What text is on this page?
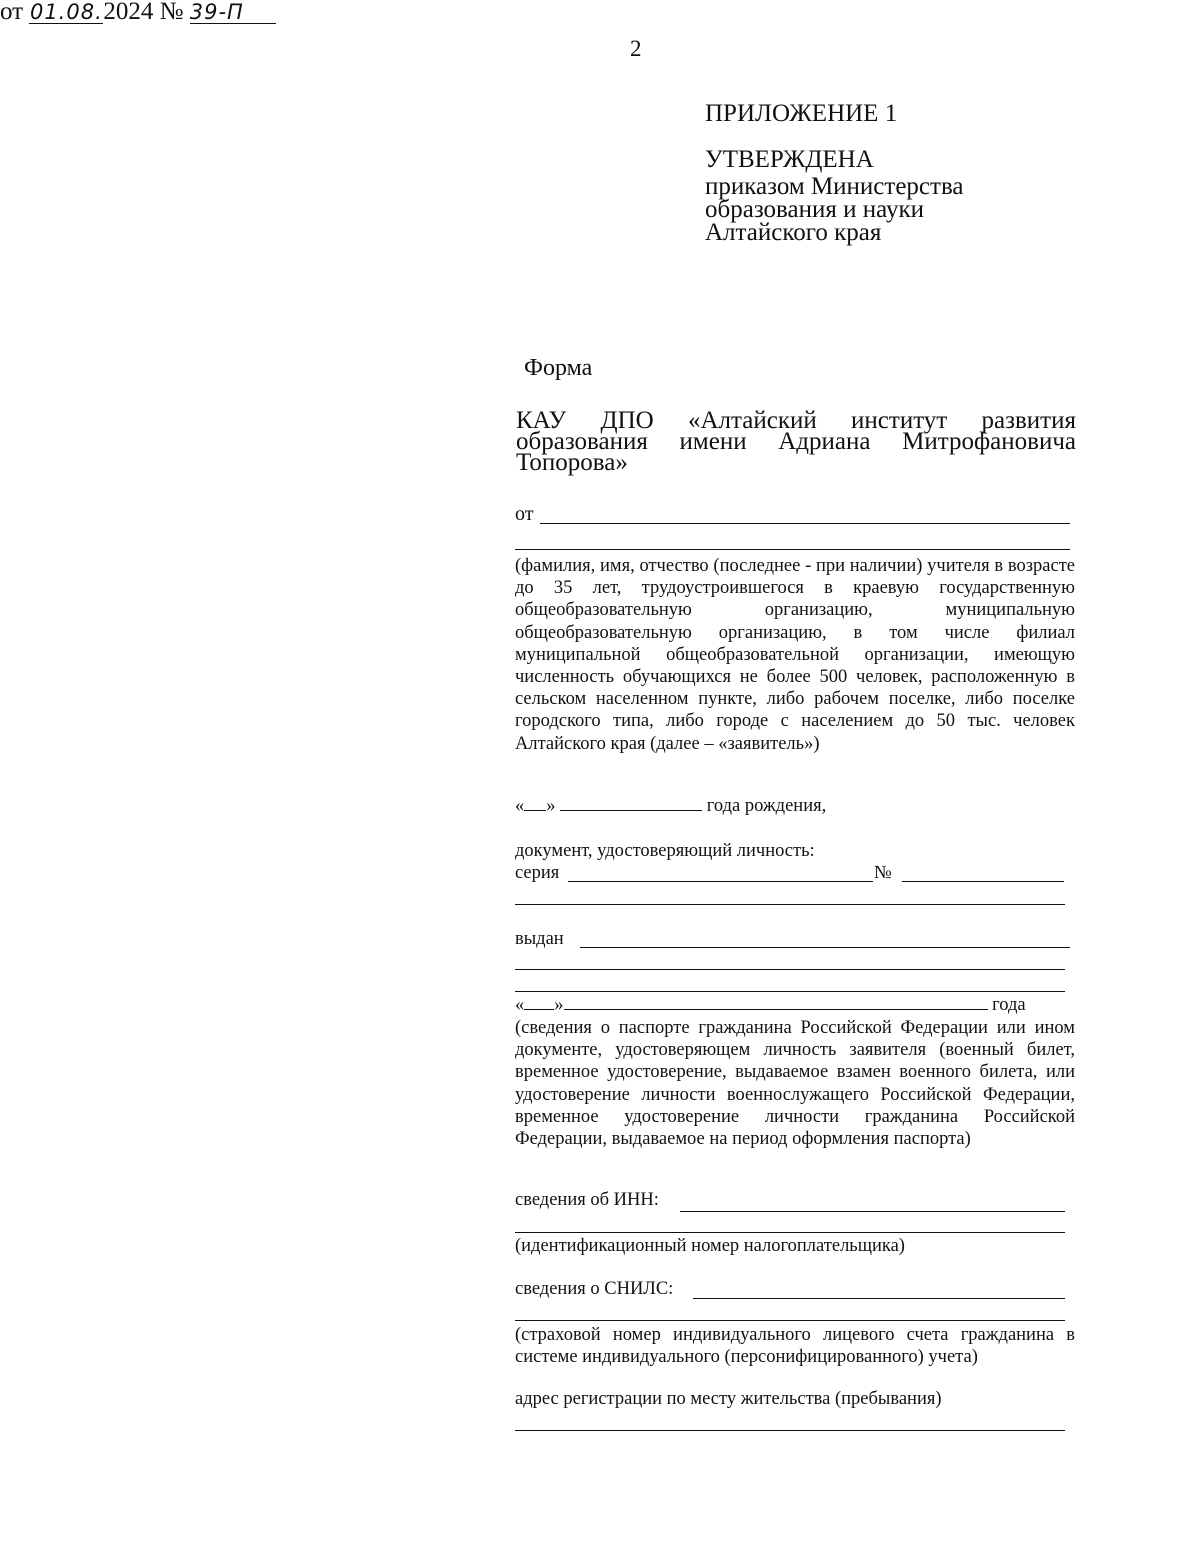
2
ПРИЛОЖЕНИЕ 1
УТВЕРЖДЕНА
приказом Министерства
образования и науки
Алтайского края
от 01.08.2024 № 39-П
Форма
КАУ ДПО «Алтайский институт развития образования имени Адриана Митрофановича Топорова»
от
(фамилия, имя, отчество (последнее - при наличии) учителя в возрасте до 35 лет, трудоустроившегося в краевую государственную общеобразовательную организацию, муниципальную общеобразовательную организацию, в том числе филиал муниципальной общеобразовательной организации, имеющую численность обучающихся не более 500 человек, расположенную в сельском населенном пункте, либо рабочем поселке, либо поселке городского типа, либо городе с населением до 50 тыс. человек Алтайского края (далее – «заявитель»)
« »	года рождения,
документ, удостоверяющий личность:
серия	№
выдан
« »	года
(сведения о паспорте гражданина Российской Федерации или ином документе, удостоверяющем личность заявителя (военный билет, временное удостоверение, выдаваемое взамен военного билета, или удостоверение личности военнослужащего Российской Федерации, временное удостоверение личности гражданина Российской Федерации, выдаваемое на период оформления паспорта)
сведения об ИНН:
(идентификационный номер налогоплательщика)
сведения о СНИЛС:
(страховой номер индивидуального лицевого счета гражданина в системе индивидуального (персонифицированного) учета)
адрес регистрации по месту жительства (пребывания)
